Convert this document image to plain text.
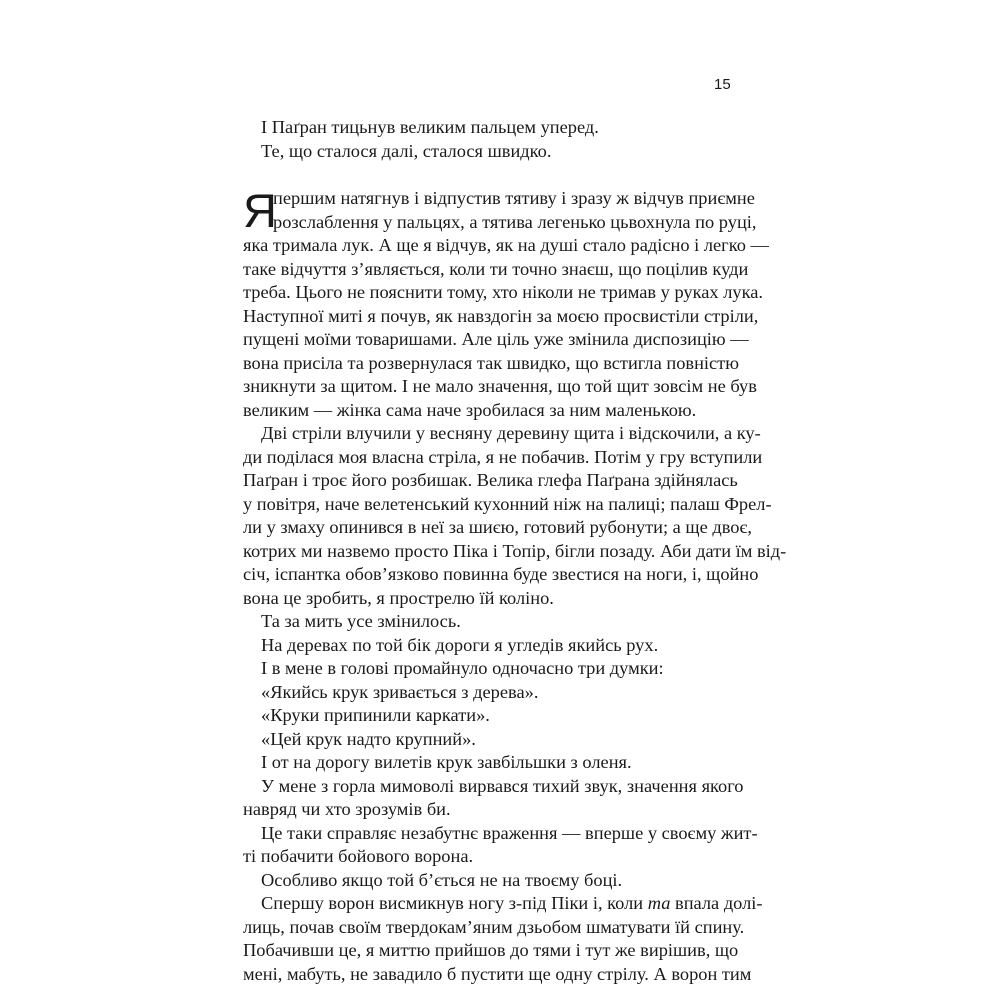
15
І Паґран тицьнув великим пальцем уперед.
Те, що сталося далі, сталося швидко.
Я
першим натягнув і відпустив тятиву і зразу ж відчув приємне
розслаблення у пальцях, а тятива легенько цьвохнула по руці,
яка тримала лук. А ще я відчув, як на душі стало радісно і легко —
таке відчуття з’являється, коли ти точно знаєш, що поцілив куди
треба. Цього не пояснити тому, хто ніколи не тримав у руках лука.
Наступної миті я почув, як навздогін за моєю просвистіли стріли,
пущені моїми товаришами. Але ціль уже змінила диспозицію —
вона присіла та розвернулася так швидко, що встигла повністю
зникнути за щитом. І не мало значення, що той щит зовсім не був
великим — жінка сама наче зробилася за ним маленькою.
Дві стріли влучили у весняну деревину щита і відскочили, а ку-
ди поділася моя власна стріла, я не побачив. Потім у гру вступили
Паґран і троє його розбишак. Велика глефа Паґрана здійнялась
у повітря, наче велетенський кухонний ніж на палиці; палаш Фрел-
ли у змаху опинився в неї за шиєю, готовий рубонути; а ще двоє,
котрих ми назвемо просто Піка і Топір, бігли позаду. Аби дати їм від-
січ, іспантка обов’язково повинна буде звестися на ноги, і, щойно
вона це зробить, я прострелю їй коліно.
Та за мить усе змінилось.
На деревах по той бік дороги я угледів якийсь рух.
І в мене в голові промайнуло одночасно три думки:
«Якийсь крук зривається з дерева».
«Круки припинили каркати».
«Цей крук надто крупний».
І от на дорогу вилетів крук завбільшки з оленя.
У мене з горла мимоволі вирвався тихий звук, значення якого
навряд чи хто зрозумів би.
Це таки справляє незабутнє враження — вперше у своєму жит-
ті побачити бойового ворона.
Особливо якщо той б’ється не на твоєму боці.
Спершу ворон висмикнув ногу з-під Піки і, коли та впала долі-
лиць, почав своїм твердокам’яним дзьобом шматувати їй спину.
Побачивши це, я миттю прийшов до тями і тут же вирішив, що
мені, мабуть, не завадило б пустити ще одну стрілу. А ворон тим
